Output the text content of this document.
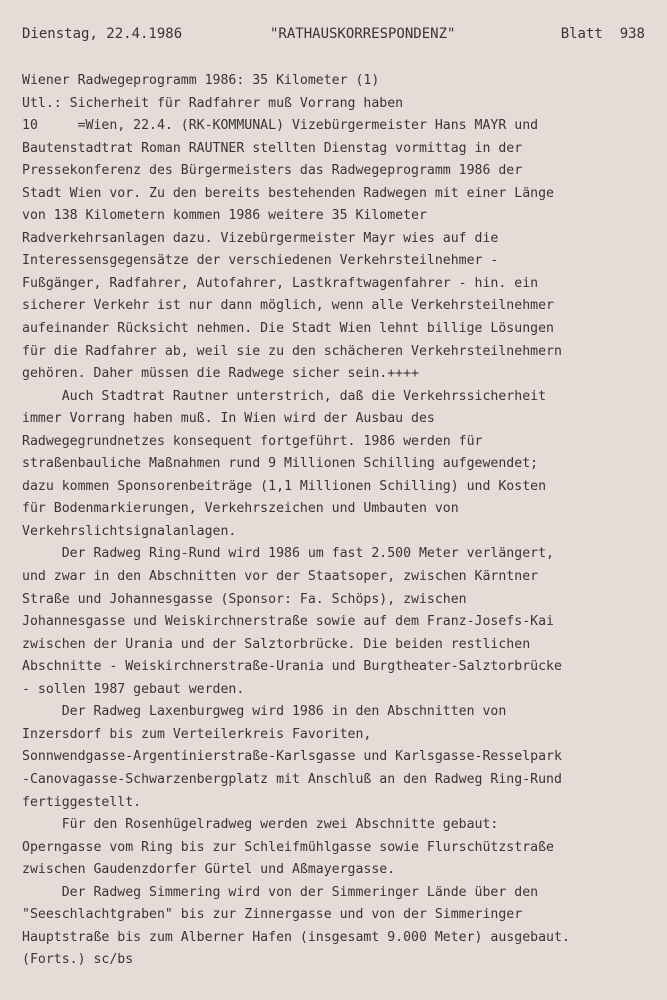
Dienstag, 22.4.1986	"RATHAUSKORRESPONDENZ"	Blatt  938
Wiener Radwegeprogramm 1986: 35 Kilometer (1)
Utl.: Sicherheit für Radfahrer muß Vorrang haben
10     =Wien, 22.4. (RK-KOMMUNAL) Vizebürgermeister Hans MAYR und
Bautenstadtrat Roman RAUTNER stellten Dienstag vormittag in der
Pressekonferenz des Bürgermeisters das Radwegeprogramm 1986 der
Stadt Wien vor. Zu den bereits bestehenden Radwegen mit einer Länge
von 138 Kilometern kommen 1986 weitere 35 Kilometer
Radverkehrsanlagen dazu. Vizebürgermeister Mayr wies auf die
Interessensgegensätze der verschiedenen Verkehrsteilnehmer -
Fußgänger, Radfahrer, Autofahrer, Lastkraftwagenfahrer - hin. ein
sicherer Verkehr ist nur dann möglich, wenn alle Verkehrsteilnehmer
aufeinander Rücksicht nehmen. Die Stadt Wien lehnt billige Lösungen
für die Radfahrer ab, weil sie zu den schächeren Verkehrsteilnehmern
gehören. Daher müssen die Radwege sicher sein.++++
Auch Stadtrat Rautner unterstrich, daß die Verkehrssicherheit
immer Vorrang haben muß. In Wien wird der Ausbau des
Radwegegrundnetzes konsequent fortgeführt. 1986 werden für
straßenbauliche Maßnahmen rund 9 Millionen Schilling aufgewendet;
dazu kommen Sponsorenbeiträge (1,1 Millionen Schilling) und Kosten
für Bodenmarkierungen, Verkehrszeichen und Umbauten von
Verkehrslichtsignalanlagen.
Der Radweg Ring-Rund wird 1986 um fast 2.500 Meter verlängert,
und zwar in den Abschnitten vor der Staatsoper, zwischen Kärntner
Straße und Johannesgasse (Sponsor: Fa. Schöps), zwischen
Johannesgasse und Weiskirchnerstraße sowie auf dem Franz-Josefs-Kai
zwischen der Urania und der Salztorbrücke. Die beiden restlichen
Abschnitte - Weiskirchnerstraße-Urania und Burgtheater-Salztorbrücke
- sollen 1987 gebaut werden.
Der Radweg Laxenburgweg wird 1986 in den Abschnitten von
Inzersdorf bis zum Verteilerkreis Favoriten,
Sonnwendgasse-Argentinierstraße-Karlsgasse und Karlsgasse-Resselpark
-Canovagasse-Schwarzenbergplatz mit Anschluß an den Radweg Ring-Rund
fertiggestellt.
Für den Rosenhügelradweg werden zwei Abschnitte gebaut:
Operngasse vom Ring bis zur Schleifmühlgasse sowie Flurschützstraße
zwischen Gaudenzdorfer Gürtel und Aßmayergasse.
Der Radweg Simmering wird von der Simmeringer Lände über den
"Seeschlachtgraben" bis zur Zinnergasse und von der Simmeringer
Hauptstraße bis zum Alberner Hafen (insgesamt 9.000 Meter) ausgebaut.
(Forts.) sc/bs
